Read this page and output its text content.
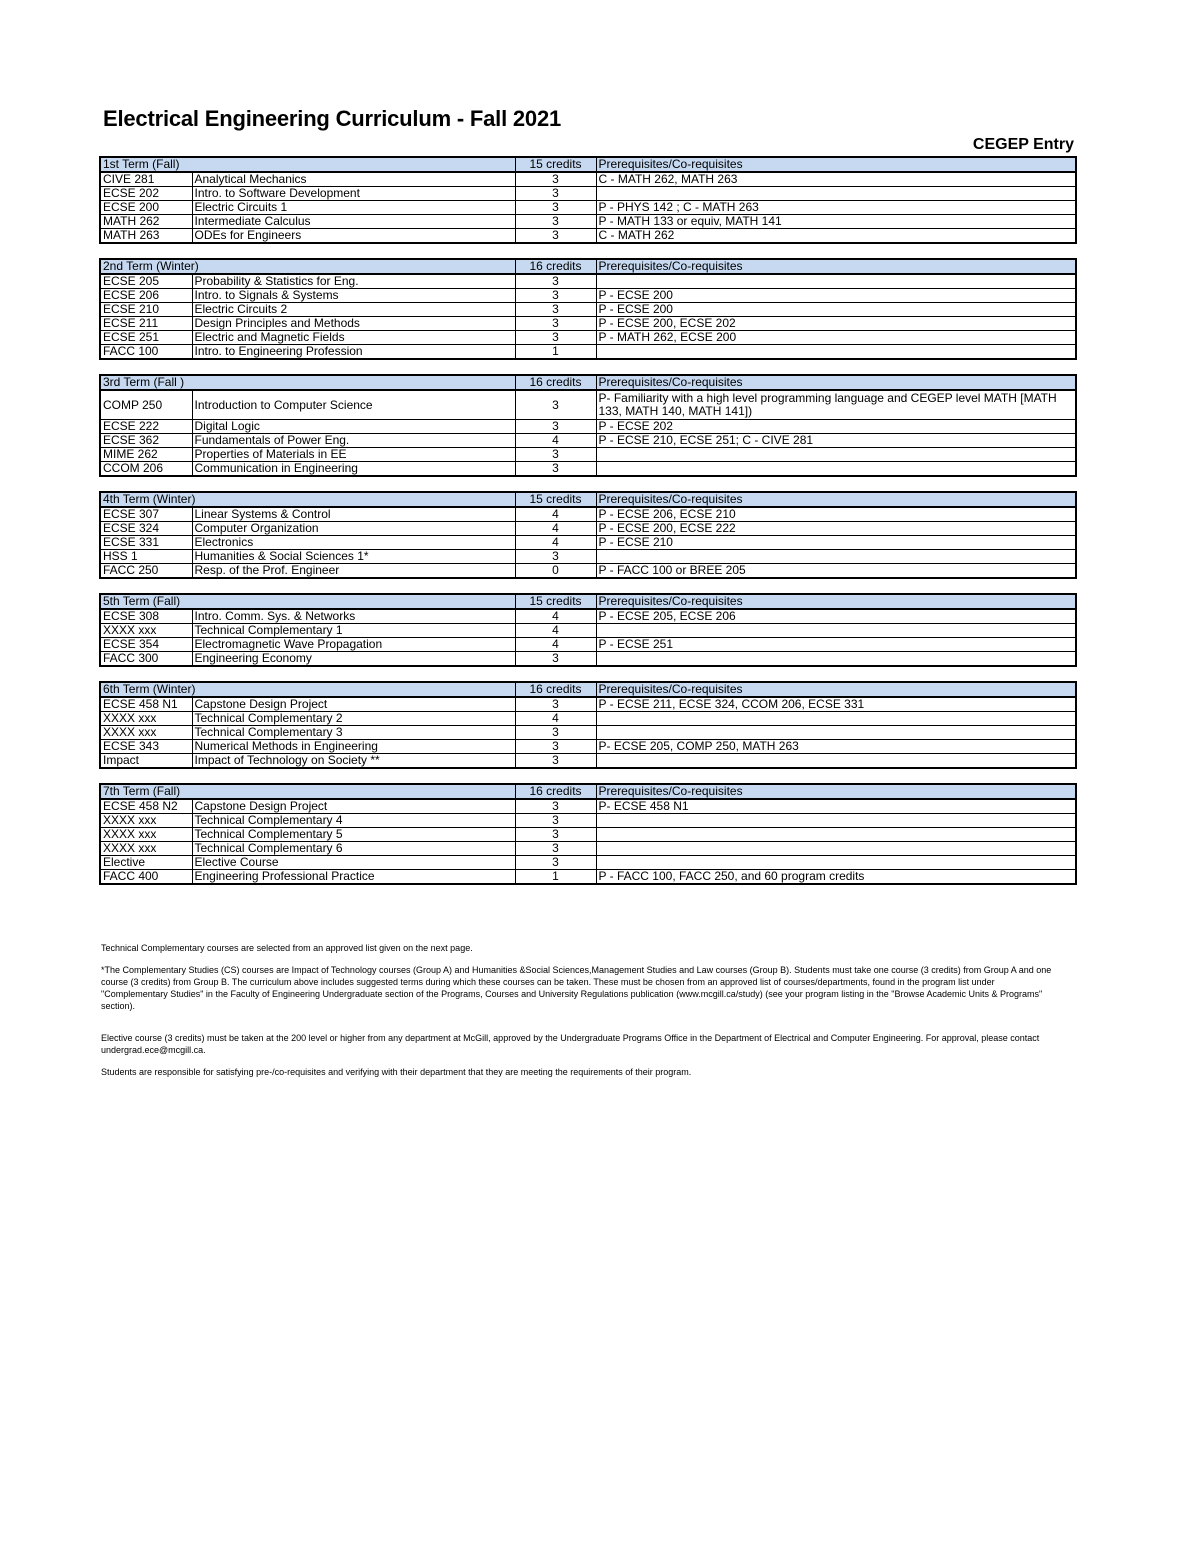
Electrical Engineering Curriculum - Fall 2021
CEGEP Entry
1st Term (Fall)		15 credits	Prerequisites/Co-requisites
CIVE 281	Analytical Mechanics	3	C - MATH 262, MATH 263
ECSE 202	Intro. to Software Development	3	
ECSE 200	Electric Circuits 1	3	P - PHYS 142 ; C - MATH 263
MATH 262	Intermediate Calculus	3	P - MATH 133 or equiv, MATH 141
MATH 263	ODEs for Engineers	3	C - MATH 262
2nd Term (Winter)		16 credits	Prerequisites/Co-requisites
ECSE 205	Probability & Statistics for Eng.	3	
ECSE 206	Intro. to Signals & Systems	3	P - ECSE 200
ECSE 210	Electric Circuits 2	3	P - ECSE 200
ECSE 211	Design Principles and Methods	3	P - ECSE 200, ECSE 202
ECSE 251	Electric and Magnetic Fields	3	P - MATH 262, ECSE 200
FACC 100	Intro. to Engineering Profession	1	
3rd Term (Fall )		16 credits	Prerequisites/Co-requisites
COMP 250	Introduction to Computer Science	3	P- Familiarity with a high level programming language and CEGEP level MATH [MATH 133, MATH 140, MATH 141])
ECSE 222	Digital Logic	3	P - ECSE 202
ECSE 362	Fundamentals of Power Eng.	4	P - ECSE 210, ECSE 251; C - CIVE 281
MIME 262	Properties of Materials in EE	3	
CCOM 206	Communication in Engineering	3	
4th Term (Winter)		15 credits	Prerequisites/Co-requisites
ECSE 307	Linear Systems & Control	4	P - ECSE 206, ECSE 210
ECSE 324	Computer Organization	4	P - ECSE 200, ECSE 222
ECSE 331	Electronics	4	P - ECSE 210
HSS 1	Humanities & Social Sciences 1*	3	
FACC 250	Resp. of the Prof. Engineer	0	P - FACC 100 or BREE 205
5th Term (Fall)		15 credits	Prerequisites/Co-requisites
ECSE 308	Intro. Comm. Sys. & Networks	4	P - ECSE 205, ECSE 206
XXXX xxx	Technical Complementary 1	4	
ECSE 354	Electromagnetic Wave Propagation	4	P - ECSE 251
FACC 300	Engineering Economy	3	
6th Term (Winter)		16 credits	Prerequisites/Co-requisites
ECSE 458 N1	Capstone Design Project	3	P - ECSE 211, ECSE 324, CCOM 206, ECSE 331
XXXX xxx	Technical Complementary 2	4	
XXXX xxx	Technical Complementary 3	3	
ECSE 343	Numerical Methods in Engineering	3	P- ECSE 205, COMP 250, MATH 263
Impact	Impact of Technology on Society **	3	
7th Term (Fall)		16 credits	Prerequisites/Co-requisites
ECSE 458 N2	Capstone Design Project	3	P- ECSE 458 N1
XXXX xxx	Technical Complementary 4	3	
XXXX xxx	Technical Complementary 5	3	
XXXX xxx	Technical Complementary 6	3	
Elective	Elective Course	3	
FACC 400	Engineering Professional Practice	1	P - FACC 100, FACC 250, and 60 program credits

Technical Complementary courses are selected from an approved list given on the next page.

*The Complementary Studies (CS) courses are Impact of Technology courses (Group A) and Humanities &Social Sciences,Management Studies and Law courses (Group B). Students must take one course (3 credits) from Group A and one course (3 credits) from Group B. The curriculum above includes suggested terms during which these courses can be taken. These must be chosen from an approved list of courses/departments, found in the program list under "Complementary Studies" in the Faculty of Engineering Undergraduate section of the Programs, Courses and University Regulations publication (www.mcgill.ca/study) (see your program listing in the "Browse Academic Units & Programs" section).

Elective course (3 credits) must be taken at the 200 level or higher from any department at McGill, approved by the Undergraduate Programs Office in the Department of Electrical and Computer Engineering. For approval, please contact undergrad.ece@mcgill.ca.

Students are responsible for satisfying pre-/co-requisites and verifying with their department that they are meeting the requirements of their program.
